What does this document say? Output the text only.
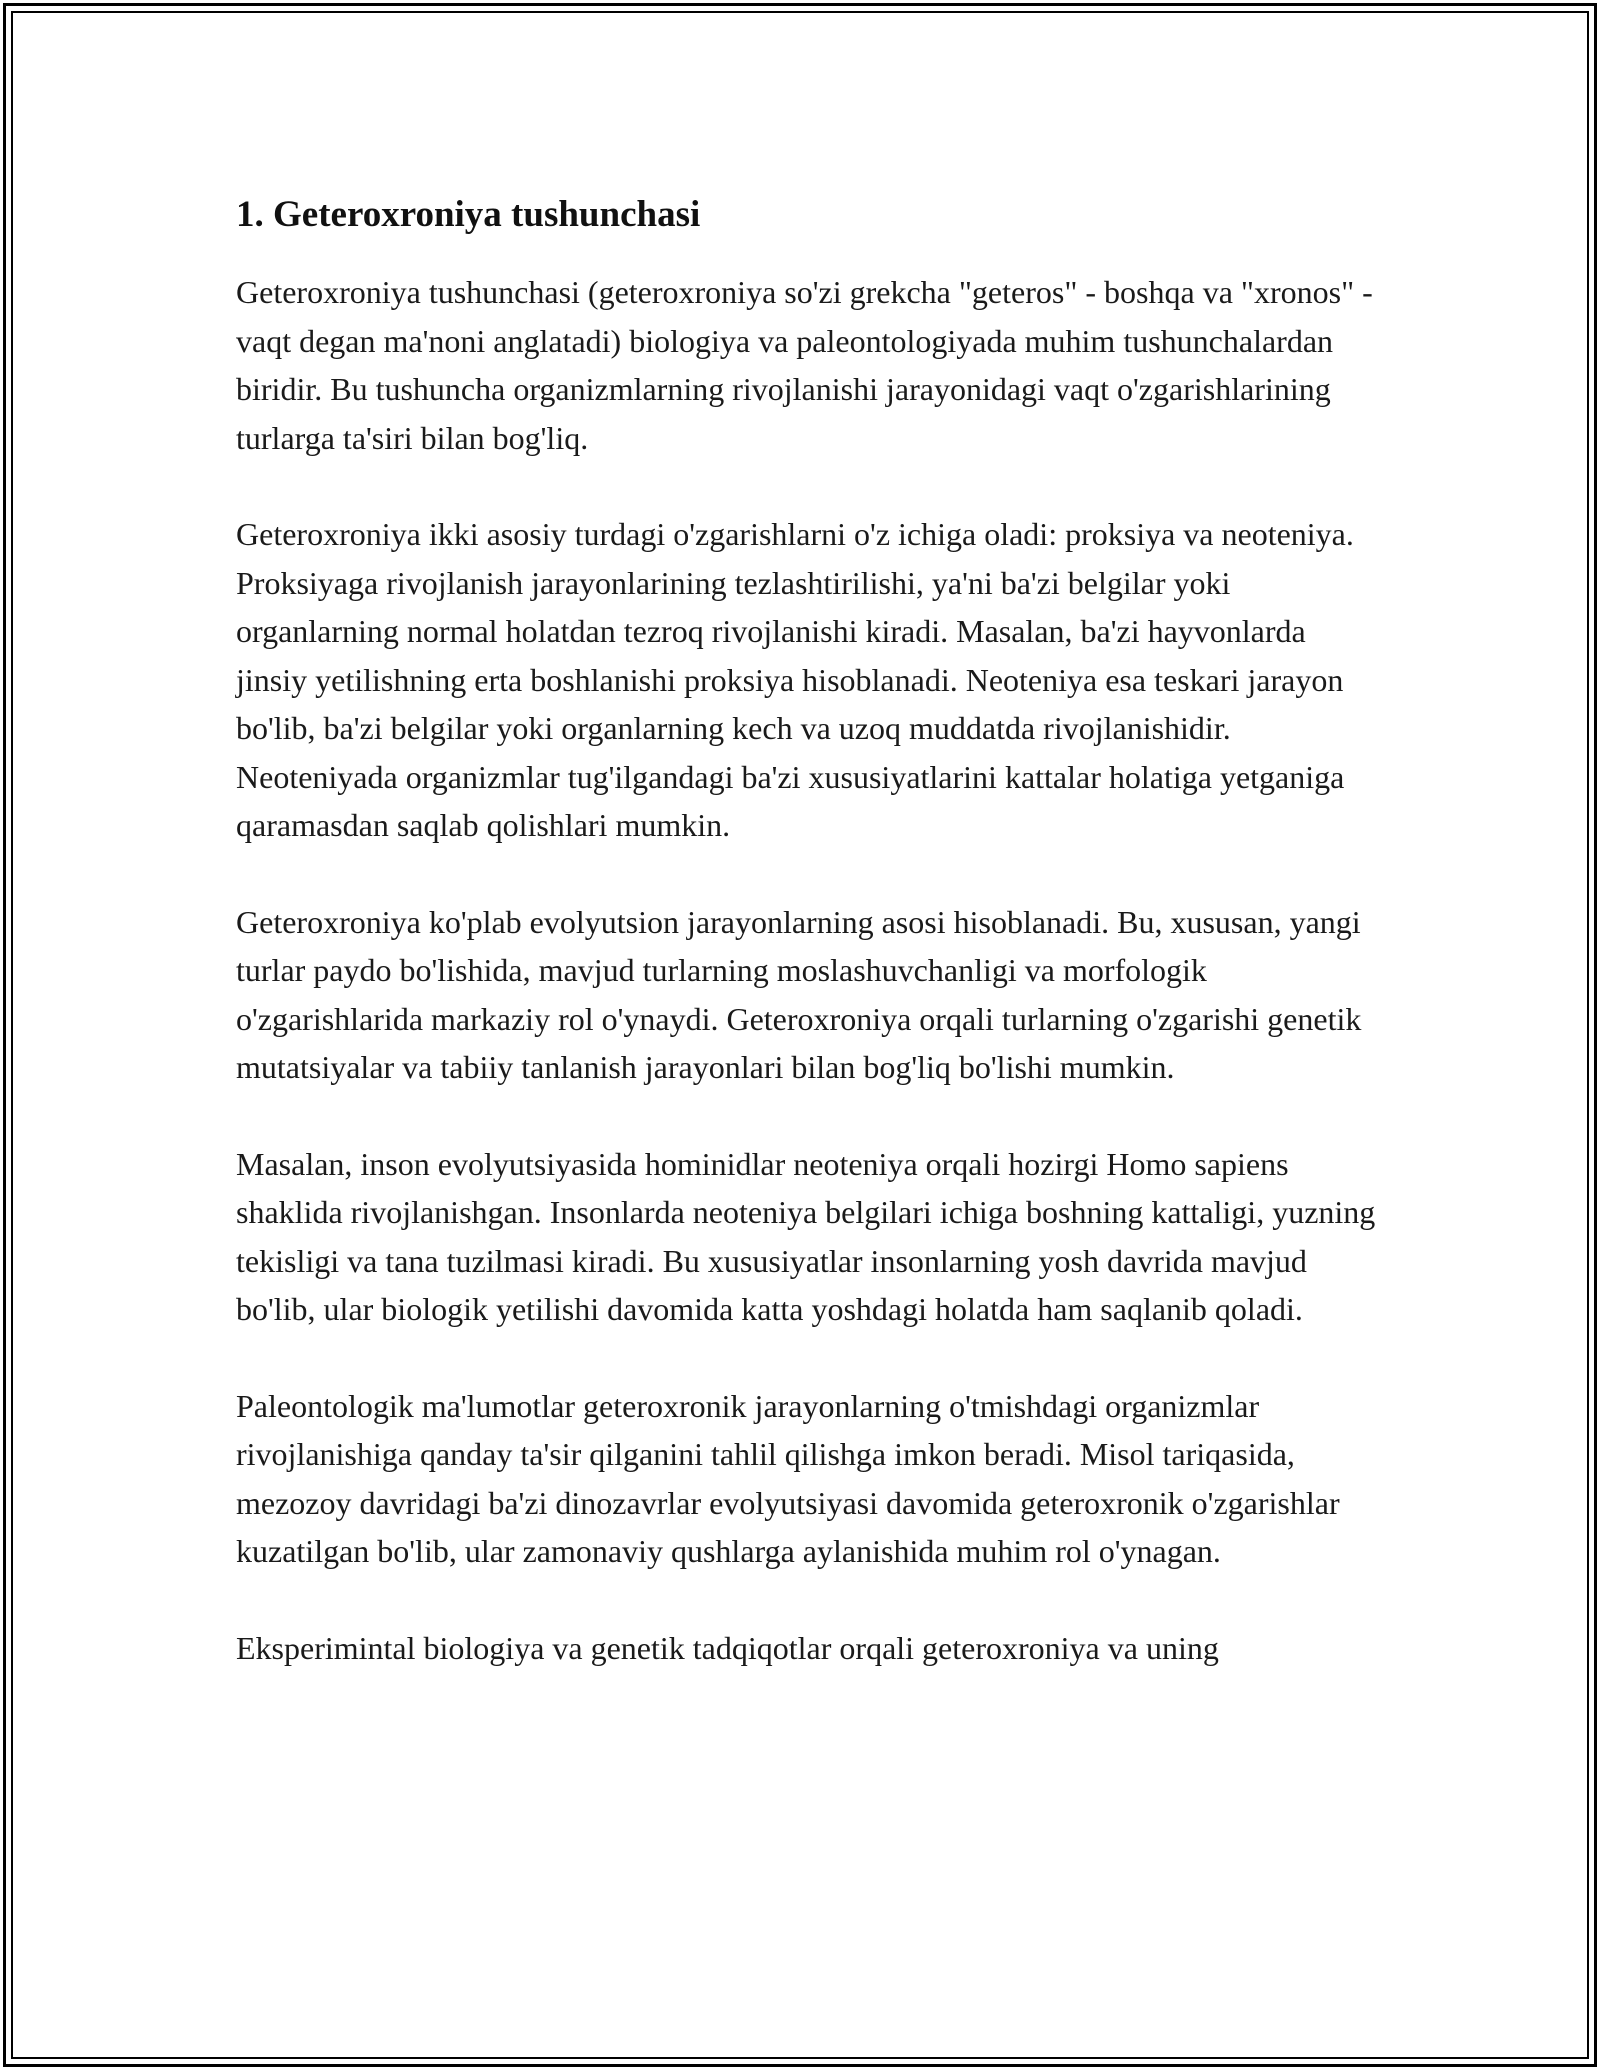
1. Geteroxroniya tushunchasi

Geteroxroniya tushunchasi (geteroxroniya so'zi grekcha "geteros" - boshqa va "xronos" - vaqt degan ma'noni anglatadi) biologiya va paleontologiyada muhim tushunchalardan biridir. Bu tushuncha organizmlarning rivojlanishi jarayonidagi vaqt o'zgarishlarining turlarga ta'siri bilan bog'liq.

Geteroxroniya ikki asosiy turdagi o'zgarishlarni o'z ichiga oladi: proksiya va neoteniya. Proksiyaga rivojlanish jarayonlarining tezlashtirilishi, ya'ni ba'zi belgilar yoki organlarning normal holatdan tezroq rivojlanishi kiradi. Masalan, ba'zi hayvonlarda jinsiy yetilishning erta boshlanishi proksiya hisoblanadi. Neoteniya esa teskari jarayon bo'lib, ba'zi belgilar yoki organlarning kech va uzoq muddatda rivojlanishidir. Neoteniyada organizmlar tug'ilgandagi ba'zi xususiyatlarini kattalar holatiga yetganiga qaramasdan saqlab qolishlari mumkin.

Geteroxroniya ko'plab evolyutsion jarayonlarning asosi hisoblanadi. Bu, xususan, yangi turlar paydo bo'lishida, mavjud turlarning moslashuvchanligi va morfologik o'zgarishlarida markaziy rol o'ynaydi. Geteroxroniya orqali turlarning o'zgarishi genetik mutatsiyalar va tabiiy tanlanish jarayonlari bilan bog'liq bo'lishi mumkin.

Masalan, inson evolyutsiyasida hominidlar neoteniya orqali hozirgi Homo sapiens shaklida rivojlanishgan. Insonlarda neoteniya belgilari ichiga boshning kattaligi, yuzning tekisligi va tana tuzilmasi kiradi. Bu xususiyatlar insonlarning yosh davrida mavjud bo'lib, ular biologik yetilishi davomida katta yoshdagi holatda ham saqlanib qoladi.

Paleontologik ma'lumotlar geteroxronik jarayonlarning o'tmishdagi organizmlar rivojlanishiga qanday ta'sir qilganini tahlil qilishga imkon beradi. Misol tariqasida, mezozoy davridagi ba'zi dinozavrlar evolyutsiyasi davomida geteroxronik o'zgarishlar kuzatilgan bo'lib, ular zamonaviy qushlarga aylanishida muhim rol o'ynagan.

Eksperimintal biologiya va genetik tadqiqotlar orqali geteroxroniya va uning
